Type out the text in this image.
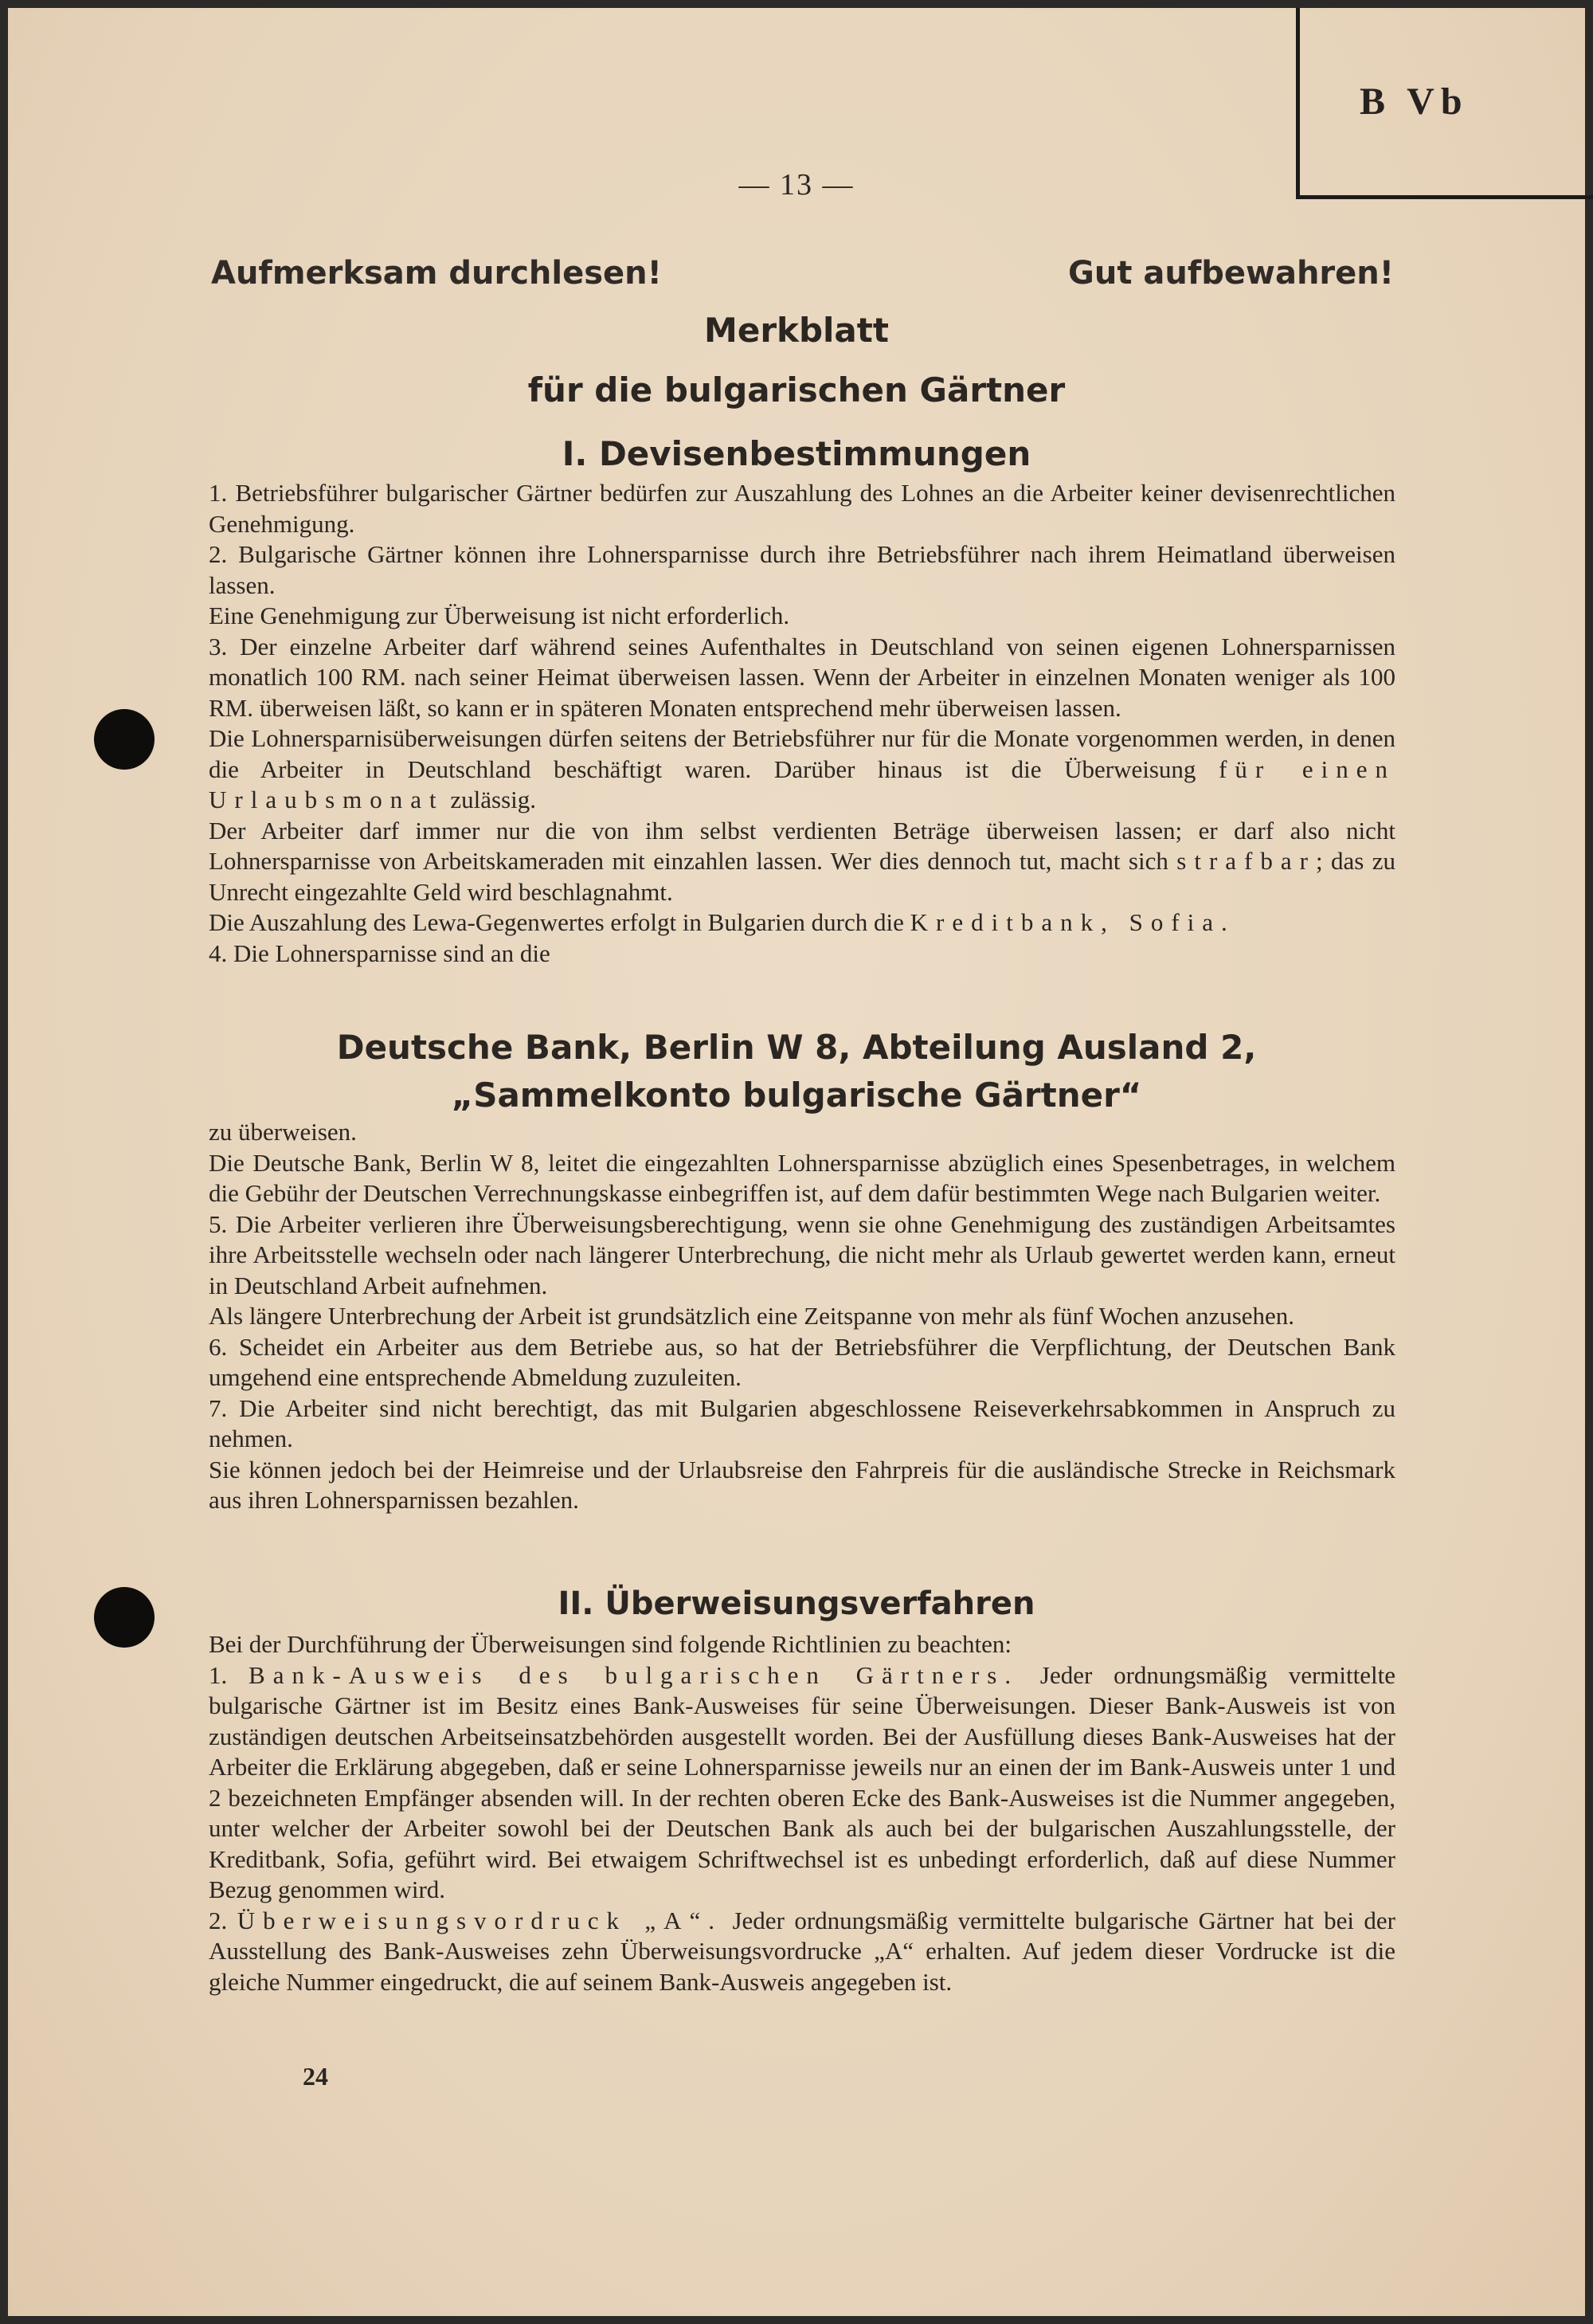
B Vb
— 13 —
Aufmerksam durchlesen!	Gut aufbewahren!
Merkblatt
für die bulgarischen Gärtner
I. Devisenbestimmungen

1. Betriebsführer bulgarischer Gärtner bedürfen zur Auszahlung des Lohnes an die Arbeiter keiner devisenrechtlichen Genehmigung.

2. Bulgarische Gärtner können ihre Lohnersparnisse durch ihre Betriebsführer nach ihrem Heimatland überweisen lassen.

Eine Genehmigung zur Überweisung ist nicht erforderlich.

3. Der einzelne Arbeiter darf während seines Aufenthaltes in Deutschland von seinen eigenen Lohnersparnissen monatlich 100 RM. nach seiner Heimat überweisen lassen. Wenn der Arbeiter in einzelnen Monaten weniger als 100 RM. überweisen läßt, so kann er in späteren Monaten entsprechend mehr überweisen lassen.

Die Lohnersparnisüberweisungen dürfen seitens der Betriebsführer nur für die Monate vorgenommen werden, in denen die Arbeiter in Deutschland beschäftigt waren. Darüber hinaus ist die Überweisung für einen Urlaubsmonat zulässig.

Der Arbeiter darf immer nur die von ihm selbst verdienten Beträge überweisen lassen; er darf also nicht Lohnersparnisse von Arbeitskameraden mit einzahlen lassen. Wer dies dennoch tut, macht sich strafbar; das zu Unrecht eingezahlte Geld wird beschlagnahmt.

Die Auszahlung des Lewa-Gegenwertes erfolgt in Bulgarien durch die Kreditbank, Sofia.

4. Die Lohnersparnisse sind an die

Deutsche Bank, Berlin W 8, Abteilung Ausland 2,
„Sammelkonto bulgarische Gärtner“

zu überweisen.

Die Deutsche Bank, Berlin W 8, leitet die eingezahlten Lohnersparnisse abzüglich eines Spesenbetrages, in welchem die Gebühr der Deutschen Verrechnungskasse einbegriffen ist, auf dem dafür bestimmten Wege nach Bulgarien weiter.

5. Die Arbeiter verlieren ihre Überweisungsberechtigung, wenn sie ohne Genehmigung des zuständigen Arbeitsamtes ihre Arbeitsstelle wechseln oder nach längerer Unterbrechung, die nicht mehr als Urlaub gewertet werden kann, erneut in Deutschland Arbeit aufnehmen.

Als längere Unterbrechung der Arbeit ist grundsätzlich eine Zeitspanne von mehr als fünf Wochen anzusehen.

6. Scheidet ein Arbeiter aus dem Betriebe aus, so hat der Betriebsführer die Verpflichtung, der Deutschen Bank umgehend eine entsprechende Abmeldung zuzuleiten.

7. Die Arbeiter sind nicht berechtigt, das mit Bulgarien abgeschlossene Reiseverkehrsabkommen in Anspruch zu nehmen.

Sie können jedoch bei der Heimreise und der Urlaubsreise den Fahrpreis für die ausländische Strecke in Reichsmark aus ihren Lohnersparnissen bezahlen.

II. Überweisungsverfahren

Bei der Durchführung der Überweisungen sind folgende Richtlinien zu beachten:

1. Bank-Ausweis des bulgarischen Gärtners. Jeder ordnungsmäßig vermittelte bulgarische Gärtner ist im Besitz eines Bank-Ausweises für seine Überweisungen. Dieser Bank-Ausweis ist von zuständigen deutschen Arbeitseinsatzbehörden ausgestellt worden. Bei der Ausfüllung dieses Bank-Ausweises hat der Arbeiter die Erklärung abgegeben, daß er seine Lohnersparnisse jeweils nur an einen der im Bank-Ausweis unter 1 und 2 bezeichneten Empfänger absenden will. In der rechten oberen Ecke des Bank-Ausweises ist die Nummer angegeben, unter welcher der Arbeiter sowohl bei der Deutschen Bank als auch bei der bulgarischen Auszahlungsstelle, der Kreditbank, Sofia, geführt wird. Bei etwaigem Schriftwechsel ist es unbedingt erforderlich, daß auf diese Nummer Bezug genommen wird.

2. Überweisungsvordruck „A“. Jeder ordnungsmäßig vermittelte bulgarische Gärtner hat bei der Ausstellung des Bank-Ausweises zehn Überweisungsvordrucke „A“ erhalten. Auf jedem dieser Vordrucke ist die gleiche Nummer eingedruckt, die auf seinem Bank-Ausweis angegeben ist.

24
